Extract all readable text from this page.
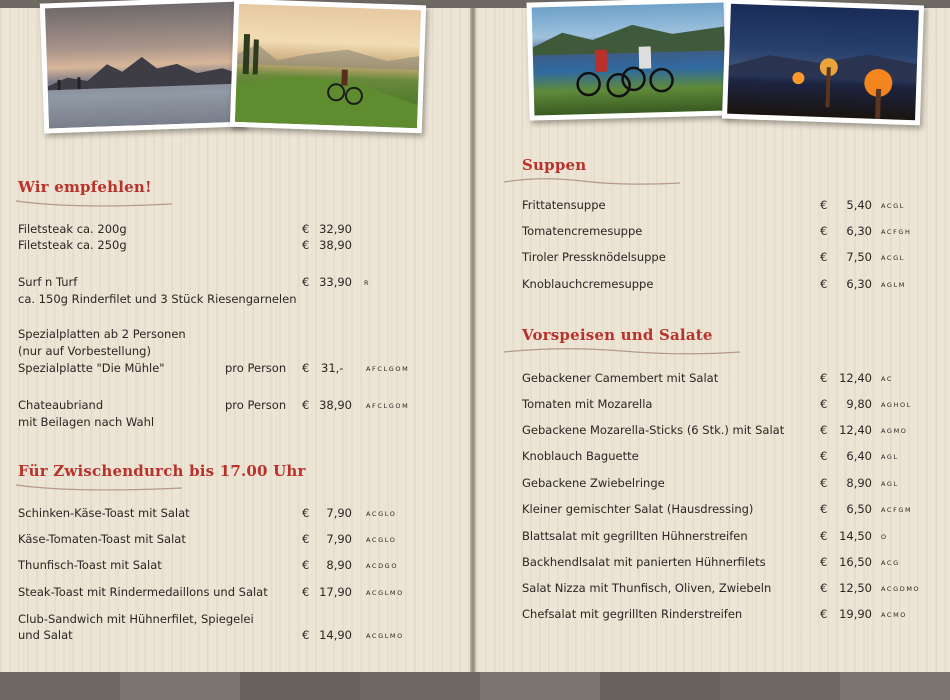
Wir empfehlen!
Filetsteak ca. 200g	€ 32,90
Filetsteak ca. 250g	€ 38,90
Surf n Turf	€ 33,90 R
ca. 150g Rinderfilet und 3 Stück Riesengarnelen
Spezialplatten ab 2 Personen
(nur auf Vorbestellung)
Spezialplatte "Die Mühle"	pro Person € 31,-	AFCLGOM
Chateaubriand	pro Person € 38,90 AFCLGOM
mit Beilagen nach Wahl
Für Zwischendurch bis 17.00 Uhr
Schinken-Käse-Toast mit Salat	€	7,90 ACGLO
Käse-Tomaten-Toast mit Salat	€	7,90 ACGLO
Thunfisch-Toast mit Salat	€	8,90 ACDGO
Steak-Toast mit Rindermedaillons und Salat	€ 17,90 ACGLMO
Club-Sandwich mit Hühnerfilet, Spiegelei
und Salat	€ 14,90 ACGLMO
Suppen
Frittatensuppe	€	5,40 ACGL
Tomatencremesuppe	€	6,30 ACFGH
Tiroler Pressknödelsuppe	€	7,50 ACGL
Knoblauchcremesuppe	€	6,30 AGLM
Vorspeisen und Salate
Gebackener Camembert mit Salat	€	12,40 AC
Tomaten mit Mozarella	€	9,80 AGHOL
Gebackene Mozarella-Sticks (6 Stk.) mit Salat	€	12,40 AGMO
Knoblauch Baguette	€	6,40 AGL
Gebackene Zwiebelringe	€	8,90 AGL
Kleiner gemischter Salat (Hausdressing)	€	6,50 ACFGM
Blattsalat mit gegrillten Hühnerstreifen	€	14,50 O
Backhendlsalat mit panierten Hühnerfilets	€	16,50 ACG
Salat Nizza mit Thunfisch, Oliven, Zwiebeln	€	12,50 ACGDMO
Chefsalat mit gegrillten Rinderstreifen	€	19,90 ACMO
